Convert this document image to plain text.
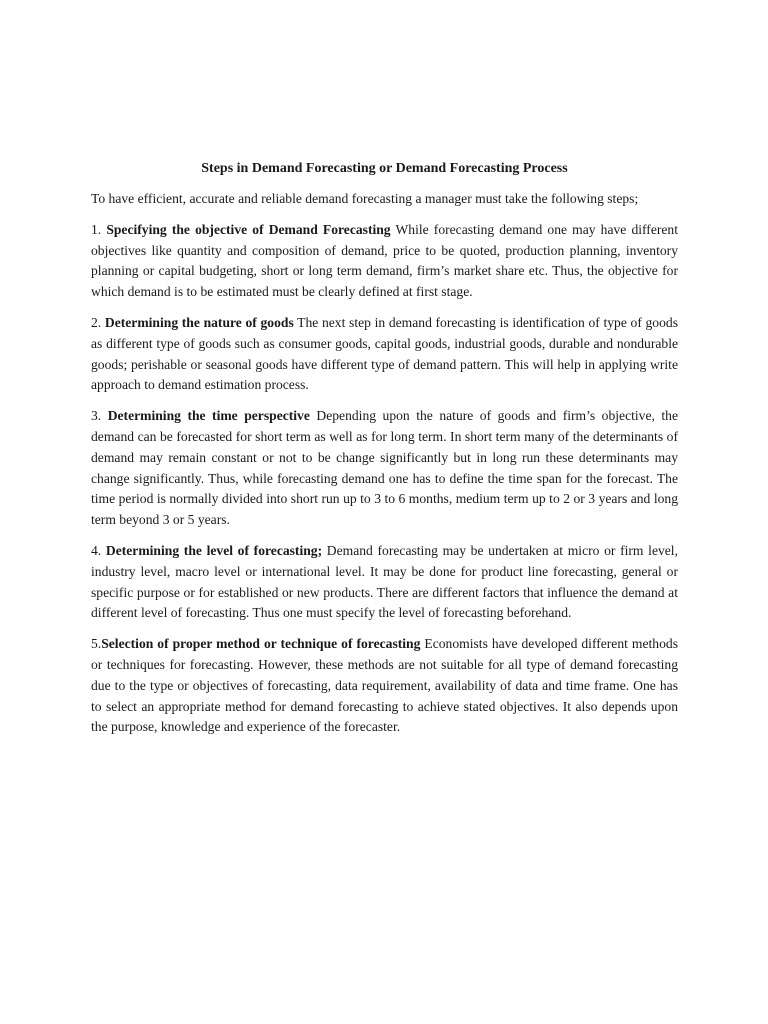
Steps in Demand Forecasting or Demand Forecasting Process

To have efficient, accurate and reliable demand forecasting a manager must take the following steps;

1. Specifying the objective of Demand Forecasting While forecasting demand one may have different objectives like quantity and composition of demand, price to be quoted, production planning, inventory planning or capital budgeting, short or long term demand, firm’s market share etc. Thus, the objective for which demand is to be estimated must be clearly defined at first stage.

2. Determining the nature of goods The next step in demand forecasting is identification of type of goods as different type of goods such as consumer goods, capital goods, industrial goods, durable and nondurable goods; perishable or seasonal goods have different type of demand pattern. This will help in applying write approach to demand estimation process.

3. Determining the time perspective Depending upon the nature of goods and firm’s objective, the demand can be forecasted for short term as well as for long term. In short term many of the determinants of demand may remain constant or not to be change significantly but in long run these determinants may change significantly. Thus, while forecasting demand one has to define the time span for the forecast. The time period is normally divided into short run up to 3 to 6 months, medium term up to 2 or 3 years and long term beyond 3 or 5 years.

4. Determining the level of forecasting; Demand forecasting may be undertaken at micro or firm level, industry level, macro level or international level. It may be done for product line forecasting, general or specific purpose or for established or new products. There are different factors that influence the demand at different level of forecasting. Thus one must specify the level of forecasting beforehand.

5.Selection of proper method or technique of forecasting Economists have developed different methods or techniques for forecasting. However, these methods are not suitable for all type of demand forecasting due to the type or objectives of forecasting, data requirement, availability of data and time frame. One has to select an appropriate method for demand forecasting to achieve stated objectives. It also depends upon the purpose, knowledge and experience of the forecaster.
